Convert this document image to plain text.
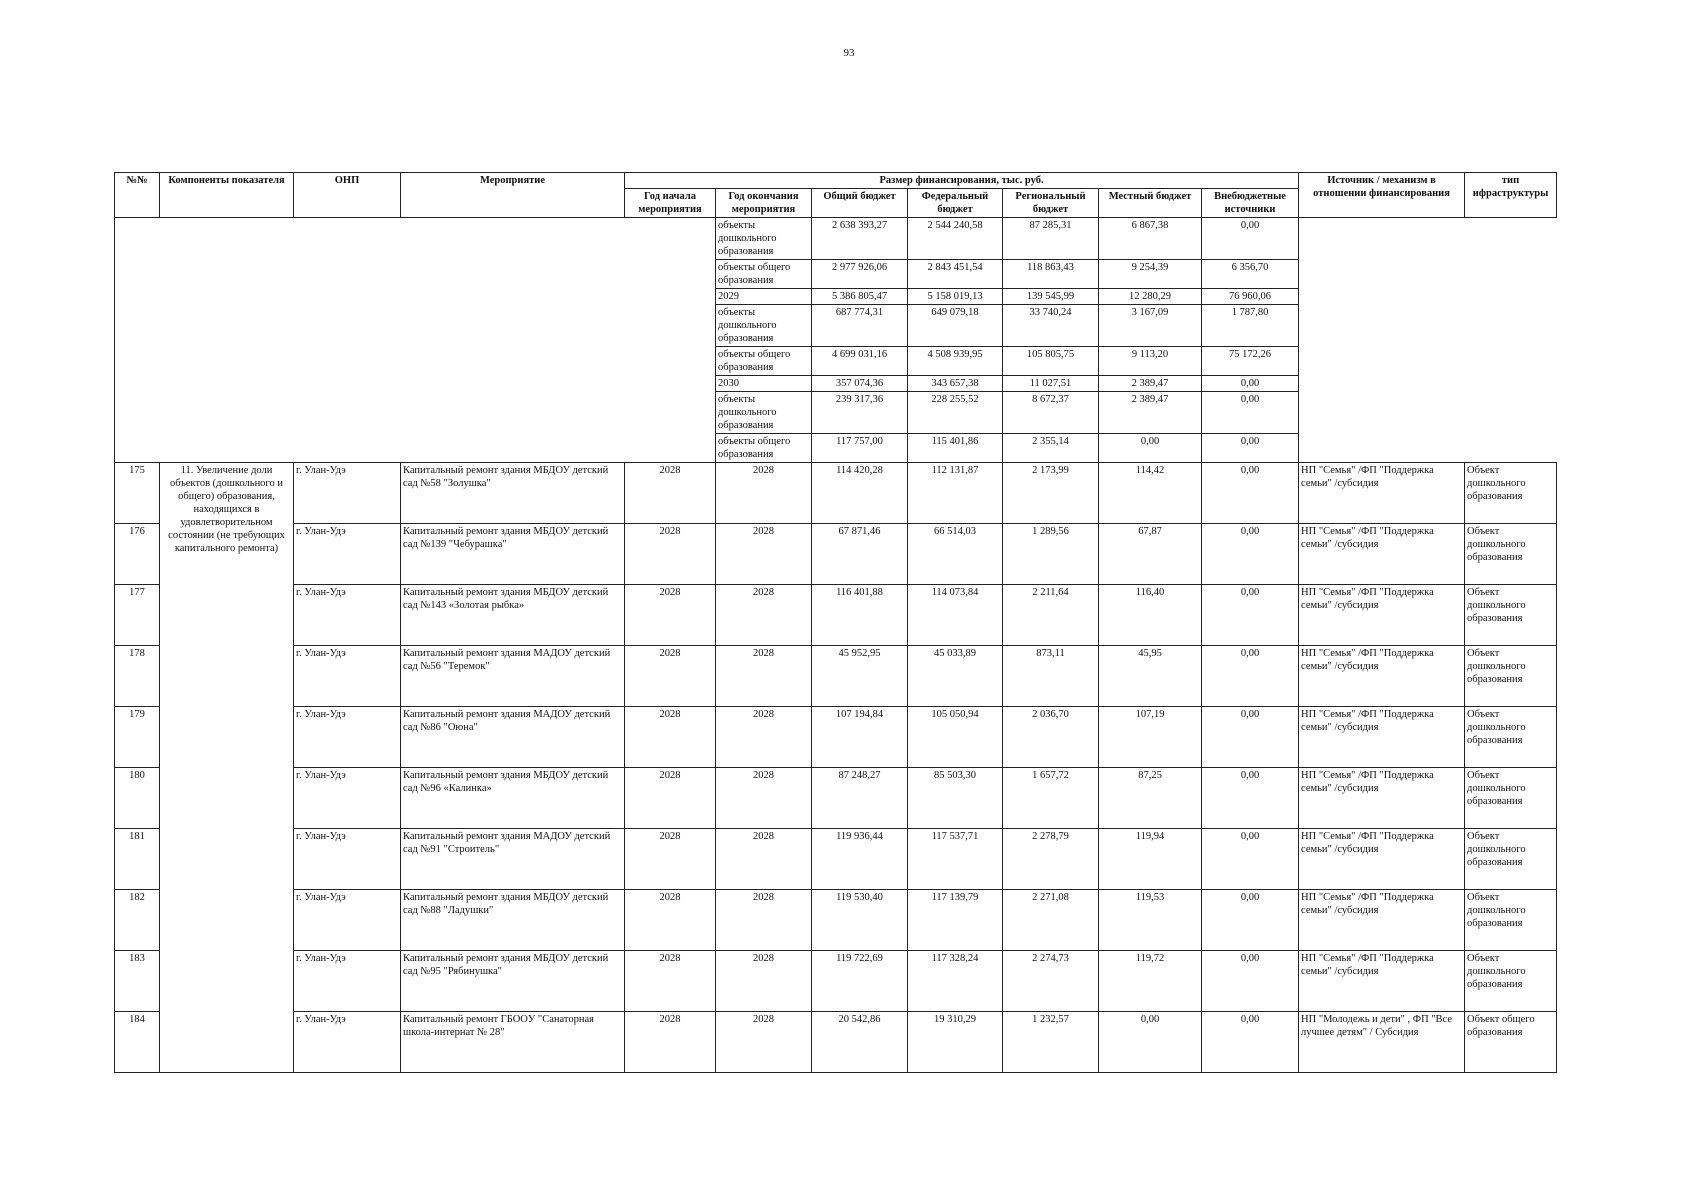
93
№№	Компоненты показателя	ОНП	Мероприятие	Размер финансирования, тыс. руб.							Источник / механизм в отношении финансирования	тип ифраструктуры
				Год начала мероприятия	Год окончания мероприятия	Общий бюджет	Федеральный бюджет	Региональный бюджет	Местный бюджет	Внебюджетные источники		
					объекты дошкольного образования	2 638 393,27	2 544 240,58	87 285,31	6 867,38	0,00		
					объекты общего образования	2 977 926,06	2 843 451,54	118 863,43	9 254,39	6 356,70		
					2029	5 386 805,47	5 158 019,13	139 545,99	12 280,29	76 960,06		
					объекты дошкольного образования	687 774,31	649 079,18	33 740,24	3 167,09	1 787,80		
					объекты общего образования	4 699 031,16	4 508 939,95	105 805,75	9 113,20	75 172,26		
					2030	357 074,36	343 657,38	11 027,51	2 389,47	0,00		
					объекты дошкольного образования	239 317,36	228 255,52	8 672,37	2 389,47	0,00		
					объекты общего образования	117 757,00	115 401,86	2 355,14	0,00	0,00		
175	11. Увеличение доли объектов (дошкольного и общего) образования, находящихся в удовлетворительном состоянии (не требующих капитального ремонта)	г. Улан-Удэ	Капитальный ремонт здания МБДОУ детский сад №58 "Золушка"	2028	2028	114 420,28	112 131,87	2 173,99	114,42	0,00	НП "Семья" /ФП "Поддержка семьи" /субсидия	Объект дошкольного образования
176		г. Улан-Удэ	Капитальный ремонт здания МБДОУ детский сад №139 "Чебурашка"	2028	2028	67 871,46	66 514,03	1 289,56	67,87	0,00	НП "Семья" /ФП "Поддержка семьи" /субсидия	Объект дошкольного образования
177		г. Улан-Удэ	Капитальный ремонт здания МБДОУ детский сад №143 «Золотая рыбка»	2028	2028	116 401,88	114 073,84	2 211,64	116,40	0,00	НП "Семья" /ФП "Поддержка семьи" /субсидия	Объект дошкольного образования
178		г. Улан-Удэ	Капитальный ремонт здания МАДОУ детский сад №56 "Теремок"	2028	2028	45 952,95	45 033,89	873,11	45,95	0,00	НП "Семья" /ФП "Поддержка семьи" /субсидия	Объект дошкольного образования
179		г. Улан-Удэ	Капитальный ремонт здания МАДОУ детский сад №86 "Оюна"	2028	2028	107 194,84	105 050,94	2 036,70	107,19	0,00	НП "Семья" /ФП "Поддержка семьи" /субсидия	Объект дошкольного образования
180		г. Улан-Удэ	Капитальный ремонт здания МБДОУ детский сад №96 «Калинка»	2028	2028	87 248,27	85 503,30	1 657,72	87,25	0,00	НП "Семья" /ФП "Поддержка семьи" /субсидия	Объект дошкольного образования
181		г. Улан-Удэ	Капитальный ремонт здания МАДОУ детский сад №91 "Строитель"	2028	2028	119 936,44	117 537,71	2 278,79	119,94	0,00	НП "Семья" /ФП "Поддержка семьи" /субсидия	Объект дошкольного образования
182		г. Улан-Удэ	Капитальный ремонт здания МБДОУ детский сад №88 "Ладушки"	2028	2028	119 530,40	117 139,79	2 271,08	119,53	0,00	НП "Семья" /ФП "Поддержка семьи" /субсидия	Объект дошкольного образования
183		г. Улан-Удэ	Капитальный ремонт здания МБДОУ детский сад №95 "Рябинушка"	2028	2028	119 722,69	117 328,24	2 274,73	119,72	0,00	НП "Семья" /ФП "Поддержка семьи" /субсидия	Объект дошкольного образования
184		г. Улан-Удэ	Капитальный ремонт ГБОOУ "Санаторная школа-интернат № 28"	2028	2028	20 542,86	19 310,29	1 232,57	0,00	0,00	НП "Молодежь и дети" , ФП "Все лучшее детям" / Субсидия	Объект общего образования
